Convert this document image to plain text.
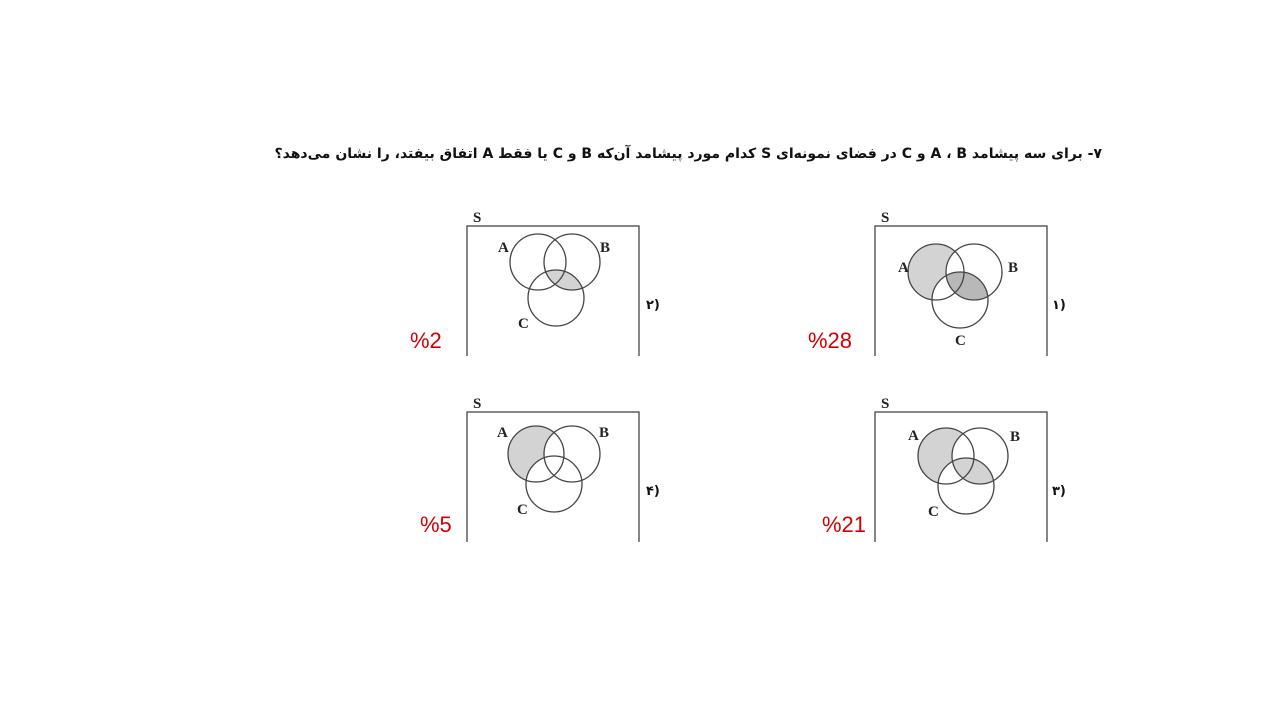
۷- برای سه پیشامد A ، B و C در فضای نمونه‌ای S کدام مورد پیشامد آن‌که B و C یا فقط A اتفاق بیفتد، را نشان می‌دهد؟
S
A	B
C
۱)
%28
S
A	B
C
۲)
%2
S
A	B
C
۳)
%21
S
A	B
C
۴)
%5
